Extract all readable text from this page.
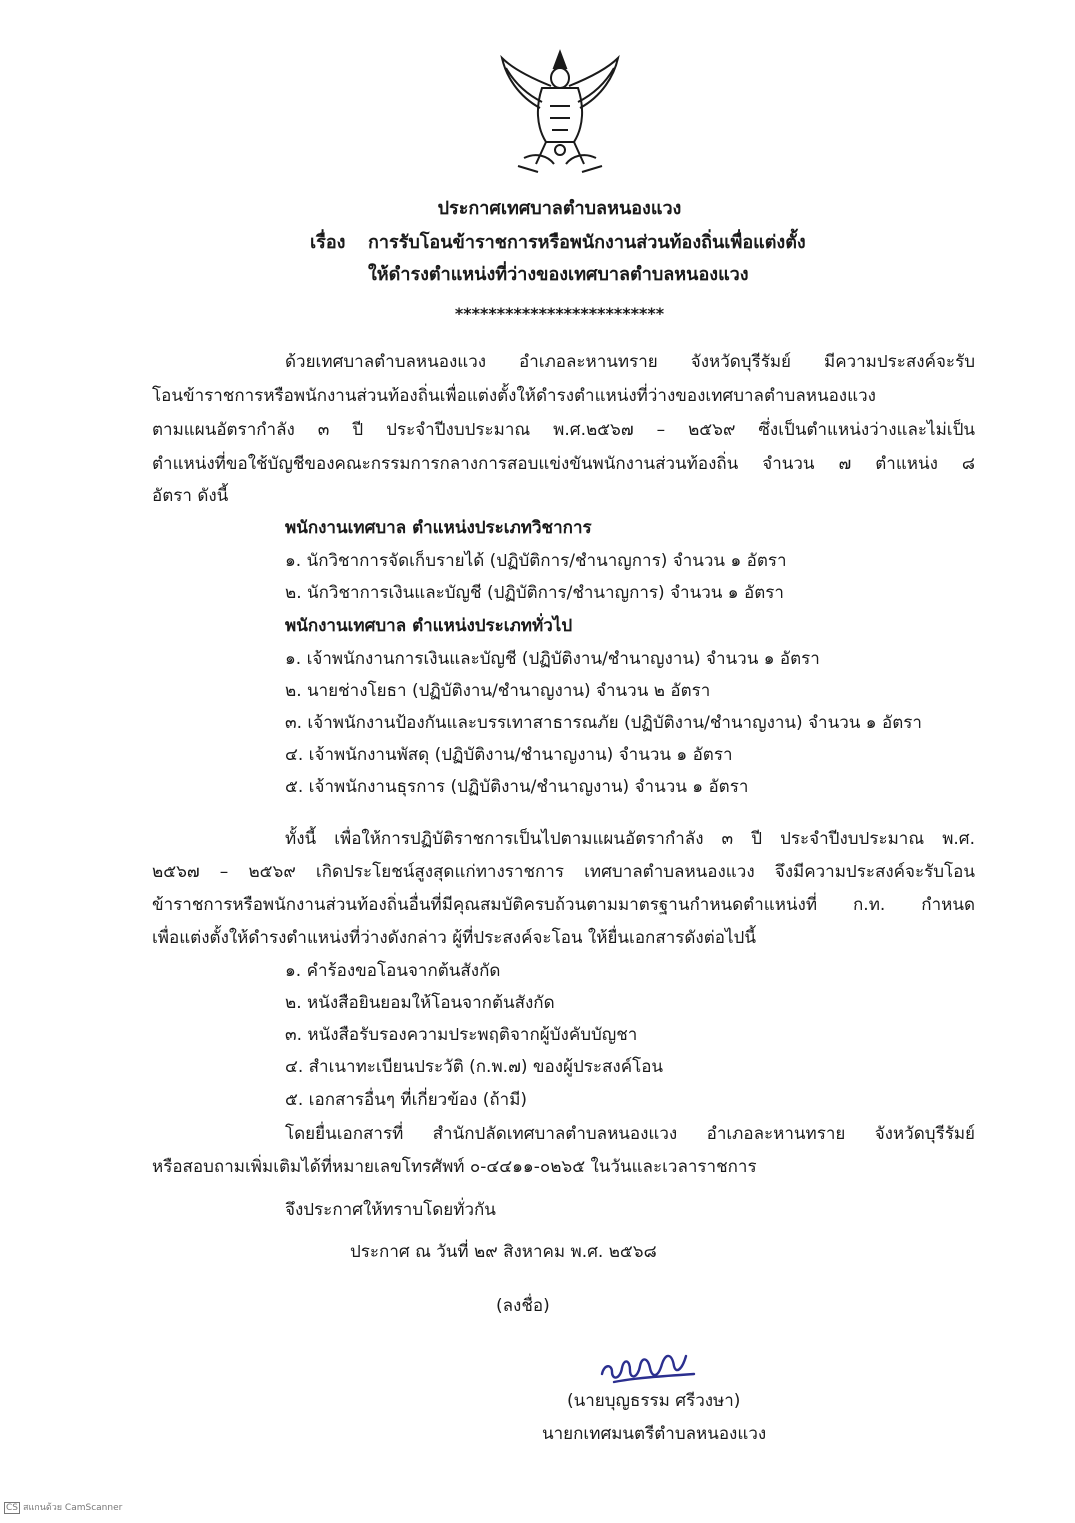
ประกาศเทศบาลตำบลหนองแวง
เรื่อง การรับโอนข้าราชการหรือพนักงานส่วนท้องถิ่นเพื่อแต่งตั้ง
ให้ดำรงตำแหน่งที่ว่างของเทศบาลตำบลหนองแวง
*************************
ด้วยเทศบาลตำบลหนองแวง อำเภอละหานทราย จังหวัดบุรีรัมย์ มีความประสงค์จะรับ
โอนข้าราชการหรือพนักงานส่วนท้องถิ่นเพื่อแต่งตั้งให้ดำรงตำแหน่งที่ว่างของเทศบาลตำบลหนองแวง
ตามแผนอัตรากำลัง ๓ ปี ประจำปีงบประมาณ พ.ศ.๒๕๖๗ – ๒๕๖๙ ซึ่งเป็นตำแหน่งว่างและไม่เป็น
ตำแหน่งที่ขอใช้บัญชีของคณะกรรมการกลางการสอบแข่งขันพนักงานส่วนท้องถิ่น จำนวน ๗ ตำแหน่ง ๘
อัตรา ดังนี้
พนักงานเทศบาล ตำแหน่งประเภทวิชาการ
๑. นักวิชาการจัดเก็บรายได้ (ปฏิบัติการ/ชำนาญการ) จำนวน ๑ อัตรา
๒. นักวิชาการเงินและบัญชี (ปฏิบัติการ/ชำนาญการ) จำนวน ๑ อัตรา
พนักงานเทศบาล ตำแหน่งประเภททั่วไป
๑. เจ้าพนักงานการเงินและบัญชี (ปฏิบัติงาน/ชำนาญงาน) จำนวน ๑ อัตรา
๒. นายช่างโยธา (ปฏิบัติงาน/ชำนาญงาน) จำนวน ๒ อัตรา
๓. เจ้าพนักงานป้องกันและบรรเทาสาธารณภัย (ปฏิบัติงาน/ชำนาญงาน) จำนวน ๑ อัตรา
๔. เจ้าพนักงานพัสดุ (ปฏิบัติงาน/ชำนาญงาน) จำนวน ๑ อัตรา
๕. เจ้าพนักงานธุรการ (ปฏิบัติงาน/ชำนาญงาน) จำนวน ๑ อัตรา
ทั้งนี้ เพื่อให้การปฏิบัติราชการเป็นไปตามแผนอัตรากำลัง ๓ ปี ประจำปีงบประมาณ พ.ศ.
๒๕๖๗ – ๒๕๖๙ เกิดประโยชน์สูงสุดแก่ทางราชการ เทศบาลตำบลหนองแวง จึงมีความประสงค์จะรับโอน
ข้าราชการหรือพนักงานส่วนท้องถิ่นอื่นที่มีคุณสมบัติครบถ้วนตามมาตรฐานกำหนดตำแหน่งที่ ก.ท. กำหนด
เพื่อแต่งตั้งให้ดำรงตำแหน่งที่ว่างดังกล่าว ผู้ที่ประสงค์จะโอน ให้ยื่นเอกสารดังต่อไปนี้
๑. คำร้องขอโอนจากต้นสังกัด
๒. หนังสือยินยอมให้โอนจากต้นสังกัด
๓. หนังสือรับรองความประพฤติจากผู้บังคับบัญชา
๔. สำเนาทะเบียนประวัติ (ก.พ.๗) ของผู้ประสงค์โอน
๕. เอกสารอื่นๆ ที่เกี่ยวข้อง (ถ้ามี)
โดยยื่นเอกสารที่ สำนักปลัดเทศบาลตำบลหนองแวง อำเภอละหานทราย จังหวัดบุรีรัมย์
หรือสอบถามเพิ่มเติมได้ที่หมายเลขโทรศัพท์ ๐-๔๔๑๑-๐๒๖๕ ในวันและเวลาราชการ
จึงประกาศให้ทราบโดยทั่วกัน
ประกาศ ณ วันที่ ๒๙ สิงหาคม พ.ศ. ๒๕๖๘
(ลงชื่อ)
(นายบุญธรรม ศรีวงษา)
นายกเทศมนตรีตำบลหนองแวง
CS สแกนด้วย CamScanner
